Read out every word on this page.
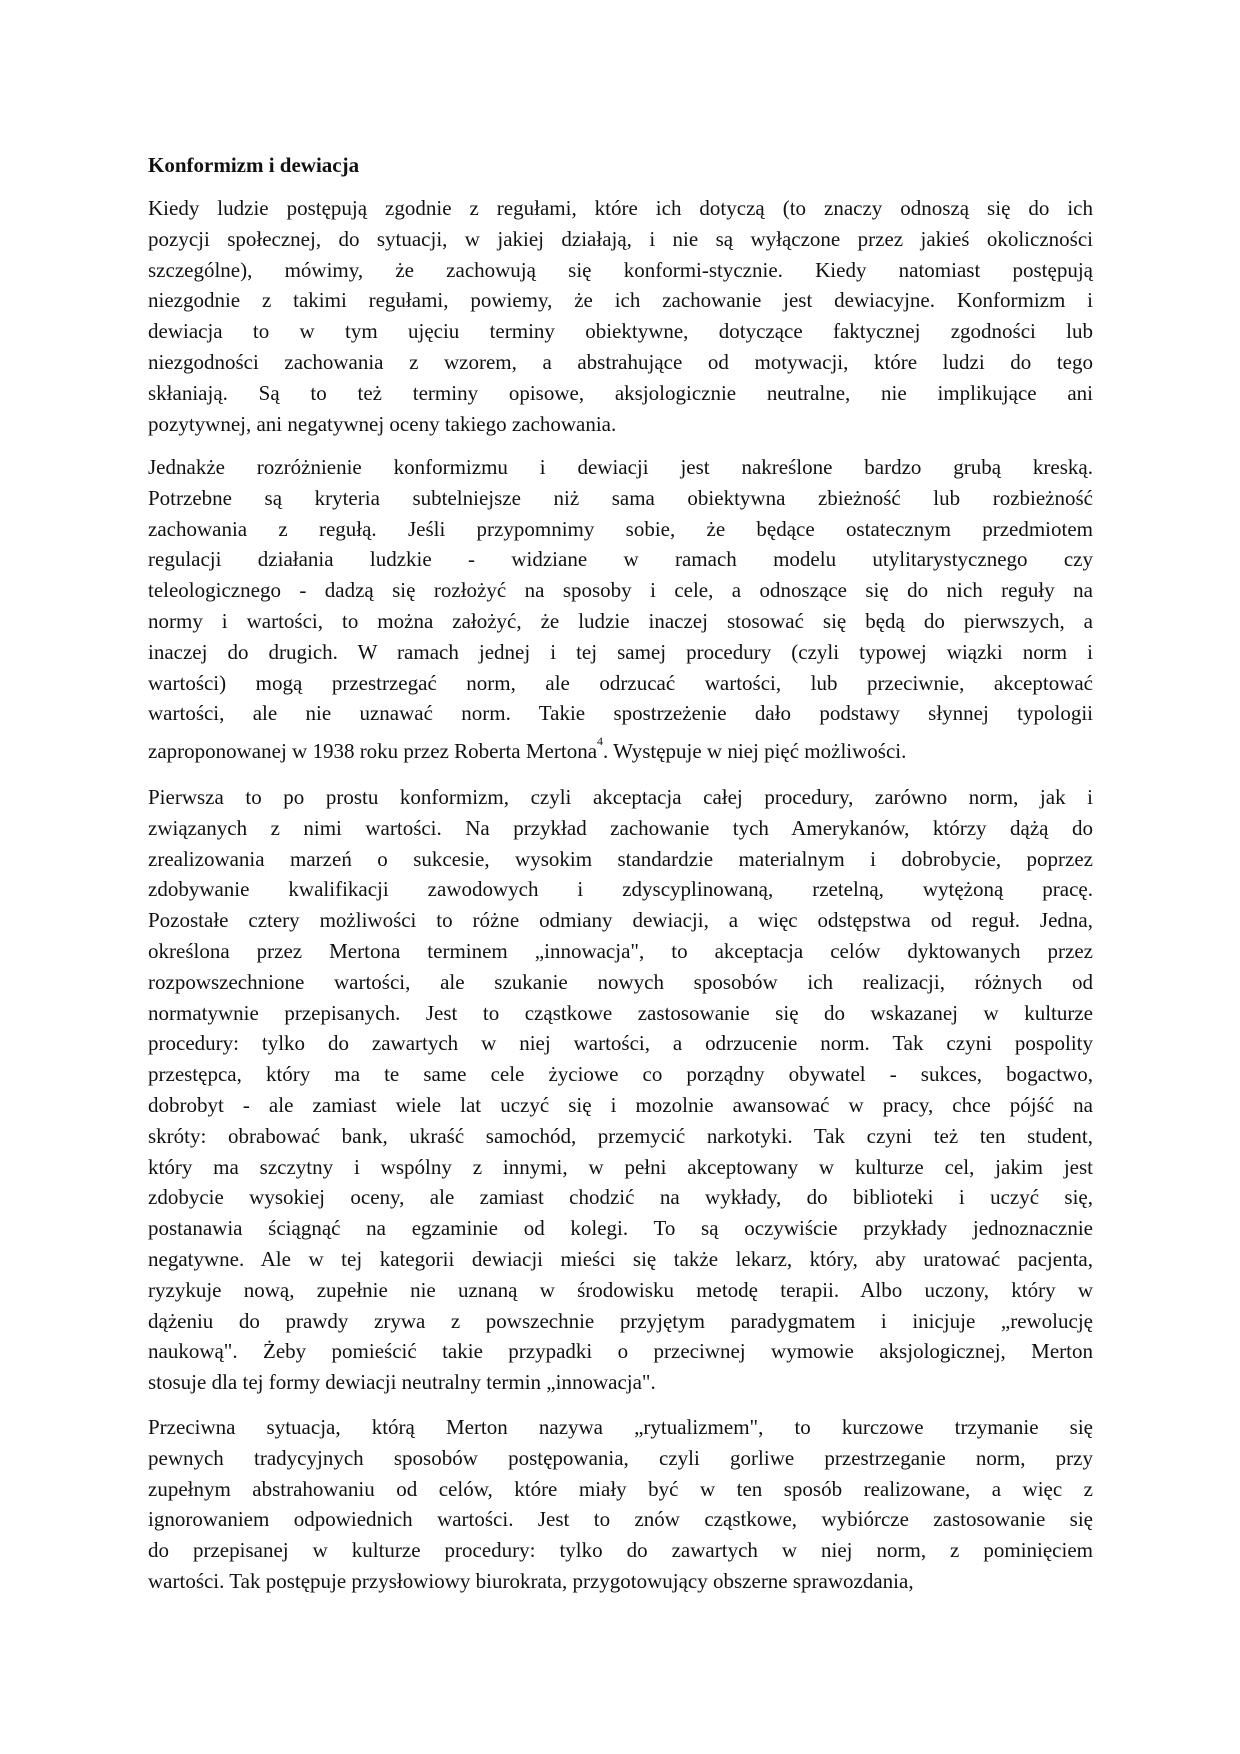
Konformizm i dewiacja
Kiedy ludzie postępują zgodnie z regułami, które ich dotyczą (to znaczy odnoszą się do ich
pozycji społecznej, do sytuacji, w jakiej działają, i nie są wyłączone przez jakieś okoliczności
szczególne), mówimy, że zachowują się konformi-stycznie. Kiedy natomiast postępują
niezgodnie z takimi regułami, powiemy, że ich zachowanie jest dewiacyjne. Konformizm i
dewiacja to w tym ujęciu terminy obiektywne, dotyczące faktycznej zgodności lub
niezgodności zachowania z wzorem, a abstrahujące od motywacji, które ludzi do tego
skłaniają. Są to też terminy opisowe, aksjologicznie neutralne, nie implikujące ani
pozytywnej, ani negatywnej oceny takiego zachowania.
Jednakże rozróżnienie konformizmu i dewiacji jest nakreślone bardzo grubą kreską.
Potrzebne są kryteria subtelniejsze niż sama obiektywna zbieżność lub rozbieżność
zachowania z regułą. Jeśli przypomnimy sobie, że będące ostatecznym przedmiotem
regulacji działania ludzkie - widziane w ramach modelu utylitarystycznego czy
teleologicznego - dadzą się rozłożyć na sposoby i cele, a odnoszące się do nich reguły na
normy i wartości, to można założyć, że ludzie inaczej stosować się będą do pierwszych, a
inaczej do drugich. W ramach jednej i tej samej procedury (czyli typowej wiązki norm i
wartości) mogą przestrzegać norm, ale odrzucać wartości, lub przeciwnie, akceptować
wartości, ale nie uznawać norm. Takie spostrzeżenie dało podstawy słynnej typologii
zaproponowanej w 1938 roku przez Roberta Mertona$^4$. Występuje w niej pięć możliwości.
Pierwsza to po prostu konformizm, czyli akceptacja całej procedury, zarówno norm, jak i
związanych z nimi wartości. Na przykład zachowanie tych Amerykanów, którzy dążą do
zrealizowania marzeń o sukcesie, wysokim standardzie materialnym i dobrobycie, poprzez
zdobywanie kwalifikacji zawodowych i zdyscyplinowaną, rzetelną, wytężoną pracę.
Pozostałe cztery możliwości to różne odmiany dewiacji, a więc odstępstwa od reguł. Jedna,
określona przez Mertona terminem „innowacja", to akceptacja celów dyktowanych przez
rozpowszechnione wartości, ale szukanie nowych sposobów ich realizacji, różnych od
normatywnie przepisanych. Jest to cząstkowe zastosowanie się do wskazanej w kulturze
procedury: tylko do zawartych w niej wartości, a odrzucenie norm. Tak czyni pospolity
przestępca, który ma te same cele życiowe co porządny obywatel - sukces, bogactwo,
dobrobyt - ale zamiast wiele lat uczyć się i mozolnie awansować w pracy, chce pójść na
skróty: obrabować bank, ukraść samochód, przemycić narkotyki. Tak czyni też ten student,
który ma szczytny i wspólny z innymi, w pełni akceptowany w kulturze cel, jakim jest
zdobycie wysokiej oceny, ale zamiast chodzić na wykłady, do biblioteki i uczyć się,
postanawia ściągnąć na egzaminie od kolegi. To są oczywiście przykłady jednoznacznie
negatywne. Ale w tej kategorii dewiacji mieści się także lekarz, który, aby uratować pacjenta,
ryzykuje nową, zupełnie nie uznaną w środowisku metodę terapii. Albo uczony, który w
dążeniu do prawdy zrywa z powszechnie przyjętym paradygmatem i inicjuje „rewolucję
naukową". Żeby pomieścić takie przypadki o przeciwnej wymowie aksjologicznej, Merton
stosuje dla tej formy dewiacji neutralny termin „innowacja".
Przeciwna sytuacja, którą Merton nazywa „rytualizmem", to kurczowe trzymanie się
pewnych tradycyjnych sposobów postępowania, czyli gorliwe przestrzeganie norm, przy
zupełnym abstrahowaniu od celów, które miały być w ten sposób realizowane, a więc z
ignorowaniem odpowiednich wartości. Jest to znów cząstkowe, wybiórcze zastosowanie się
do przepisanej w kulturze procedury: tylko do zawartych w niej norm, z pominięciem
wartości. Tak postępuje przysłowiowy biurokrata, przygotowujący obszerne sprawozdania,
